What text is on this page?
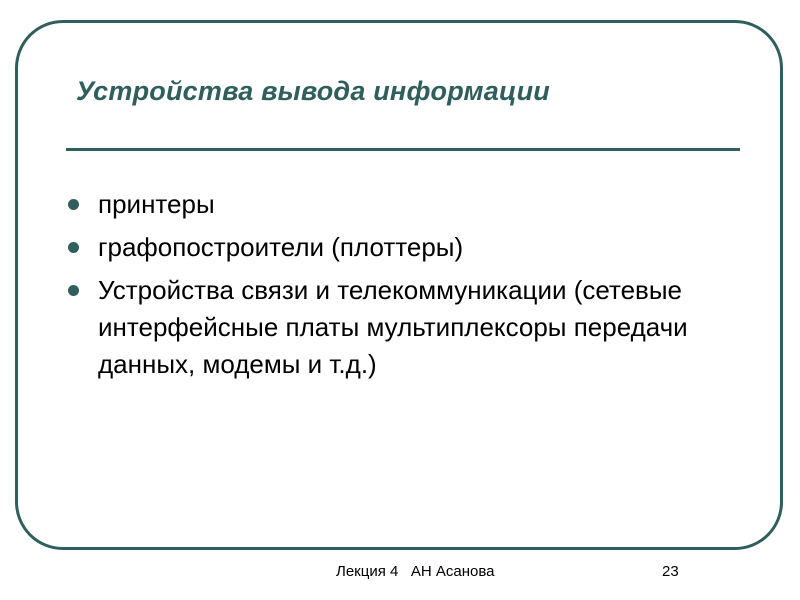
Устройства вывода информации
принтеры
графопостроители (плоттеры)
Устройства связи и телекоммуникации (сетевые интерфейсные платы мультиплексоры передачи данных, модемы и т.д.)
Лекция 4   АН Асанова	23
